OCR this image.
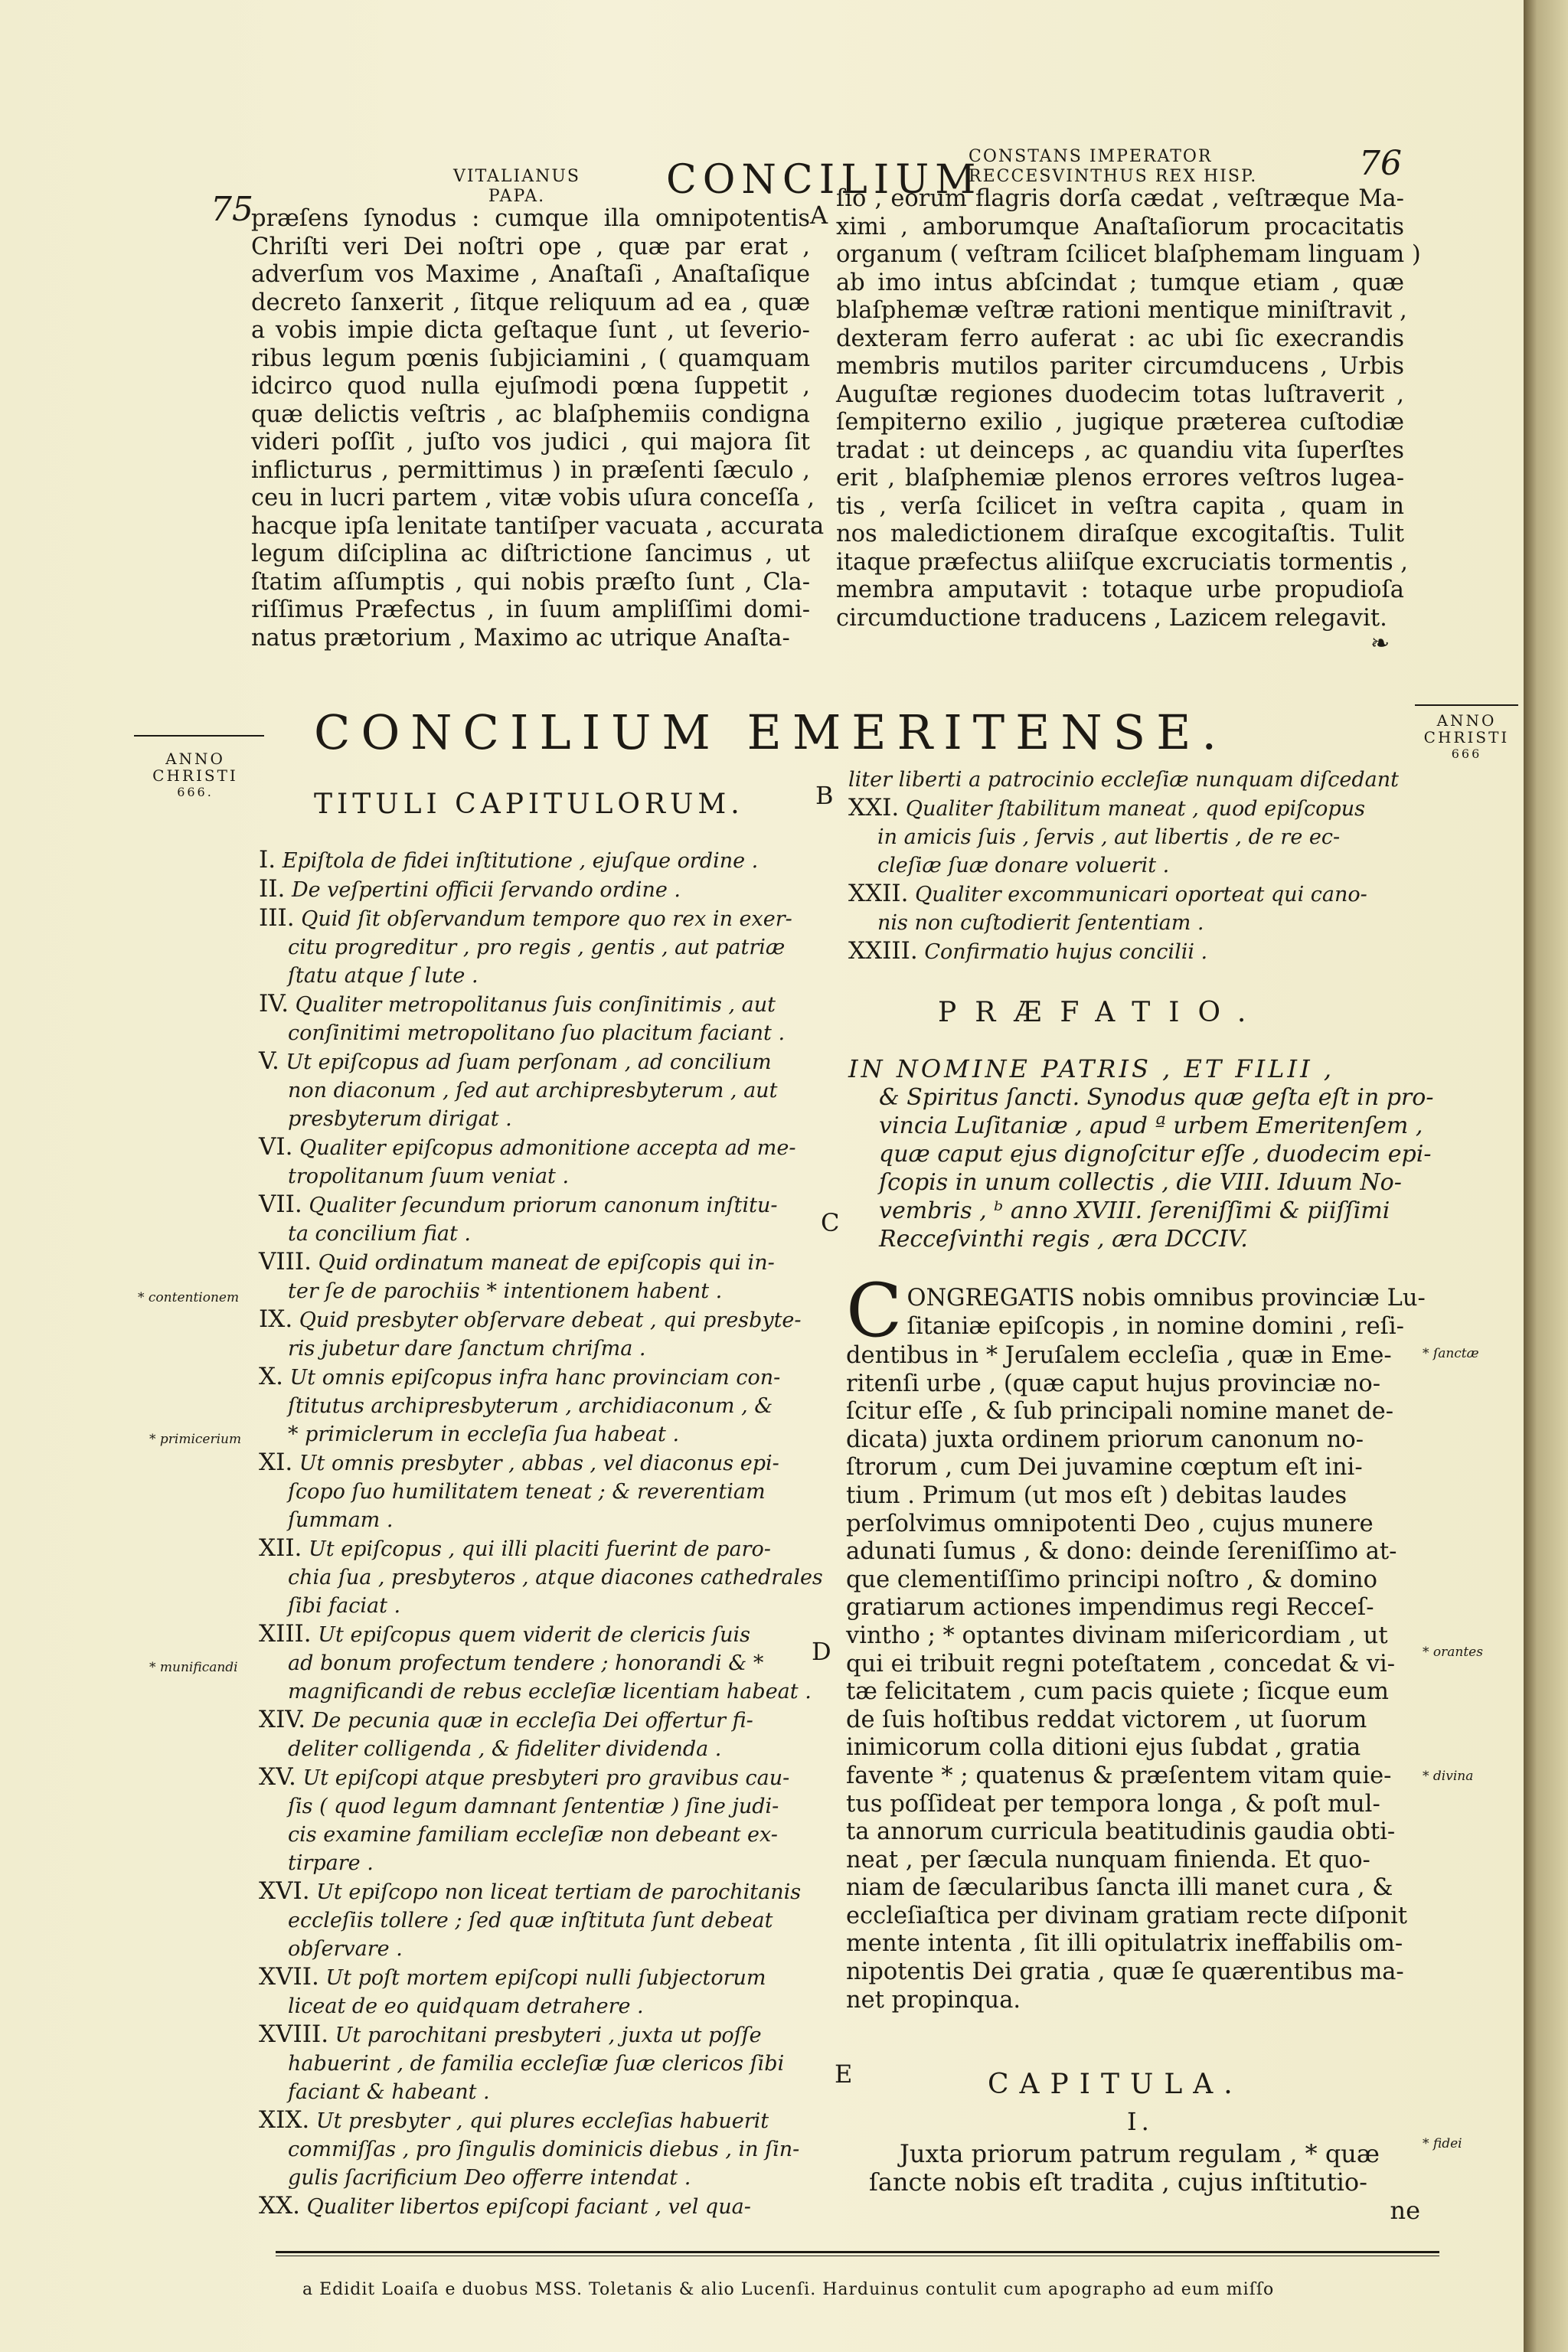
75
VITALIANUS
PAPA.	CONCILIUM
CONSTANS IMPERATOR
RECCESVINTHUS REX HISP.	76
præſens ſynodus : cumque illa omnipotentis
Chriſti veri Dei noſtri ope , quæ par erat ,
adverſum vos Maxime , Anaſtaſi , Anaſtaſique
decreto ſanxerit , ſitque reliquum ad ea , quæ
a vobis impie dicta geſtaque ſunt , ut ſeverio-
ribus legum pœnis ſubjiciamini , ( quamquam
idcirco quod nulla ejuſmodi pœna ſuppetit ,
quæ delictis veſtris , ac blaſphemiis condigna
videri poſſit , juſto vos judici , qui majora ſit
inflicturus , permittimus ) in præſenti ſæculo ,
ceu in lucri partem , vitæ vobis uſura conceſſa ,
hacque ipſa lenitate tantiſper vacuata , accurata
legum diſciplina ac diſtrictione ſancimus , ut
ſtatim aſſumptis , qui nobis præſto ſunt , Cla-
riſſimus Præfectus , in ſuum ampliſſimi domi-
natus prætorium , Maximo ac utrique Anaſta-
A
ſio , eorum flagris dorſa cædat , veſtræque Ma-
ximi , amborumque Anaſtaſiorum procacitatis
organum ( veſtram ſcilicet blaſphemam linguam )
ab imo intus abſcindat ; tumque etiam , quæ
blaſphemæ veſtræ rationi mentique miniſtravit ,
dexteram ferro auferat : ac ubi ſic execrandis
membris mutilos pariter circumducens , Urbis
Auguſtæ regiones duodecim totas luſtraverit ,
ſempiterno exilio , jugique præterea cuſtodiæ
tradat : ut deinceps , ac quandiu vita ſuperſtes
erit , blaſphemiæ plenos errores veſtros lugea-
tis , verſa ſcilicet in veſtra capita , quam in
nos maledictionem diraſque excogitaſtis. Tulit
itaque præfectus aliiſque excruciatis tormentis ,
membra amputavit : totaque urbe propudioſa
circumductione traducens , Lazicem relegavit.
❧
ANNO
CHRISTI
666.
CONCILIUM EMERITENSE.	ANNO
CHRISTI
666
TITULI CAPITULORUM.	B
I. Epiſtola de fidei inſtitutione , ejuſque ordine .
II. De veſpertini officii ſervando ordine .
III. Quid ſit obſervandum tempore quo rex in exer-
citu progreditur , pro regis , gentis , aut patriæ
ſtatu atque ſ lute .
IV. Qualiter metropolitanus ſuis conſinitimis , aut
conſinitimi metropolitano ſuo placitum faciant .
V. Ut epiſcopus ad ſuam perſonam , ad concilium
non diaconum , ſed aut archipresbyterum , aut
presbyterum dirigat .
VI. Qualiter epiſcopus admonitione accepta ad me-
tropolitanum ſuum veniat .
VII. Qualiter ſecundum priorum canonum inſtitu-
ta concilium fiat .
VIII. Quid ordinatum maneat de epiſcopis qui in-
ter ſe de parochiis * intentionem habent .
IX. Quid presbyter obſervare debeat , qui presbyte-
ris jubetur dare ſanctum chriſma .
X. Ut omnis epiſcopus infra hanc provinciam con-
ſtitutus archipresbyterum , archidiaconum , &
* primiclerum in eccleſia ſua habeat .
XI. Ut omnis presbyter , abbas , vel diaconus epi-
ſcopo ſuo humilitatem teneat ; & reverentiam
ſummam .
XII. Ut epiſcopus , qui illi placiti fuerint de paro-
chia ſua , presbyteros , atque diacones cathedrales
ſibi faciat .
XIII. Ut epiſcopus quem viderit de clericis ſuis
ad bonum profectum tendere ; honorandi & *
magnificandi de rebus eccleſiæ licentiam habeat .
XIV. De pecunia quæ in eccleſia Dei offertur fi-
deliter colligenda , & fideliter dividenda .
XV. Ut epiſcopi atque presbyteri pro gravibus cau-
ſis ( quod legum damnant ſententiæ ) ſine judi-
cis examine familiam eccleſiæ non debeant ex-
tirpare .
XVI. Ut epiſcopo non liceat tertiam de parochitanis
eccleſiis tollere ; ſed quæ inſtituta ſunt debeat
obſervare .
XVII. Ut poſt mortem epiſcopi nulli ſubjectorum
liceat de eo quidquam detrahere .
XVIII. Ut parochitani presbyteri , juxta ut poſſe
habuerint , de familia eccleſiæ ſuæ clericos ſibi
faciant & habeant .
XIX. Ut presbyter , qui plures eccleſias habuerit
commiſſas , pro ſingulis dominicis diebus , in ſin-
gulis ſacrificium Deo offerre intendat .
XX. Qualiter libertos epiſcopi faciant , vel qua-
* contentionem
* primicerium
* munificandi
liter liberti a patrocinio eccleſiæ nunquam diſcedant
XXI. Qualiter ſtabilitum maneat , quod epiſcopus
in amicis ſuis , ſervis , aut libertis , de re ec-
cleſiæ ſuæ donare voluerit .
XXII. Qualiter excommunicari oporteat qui cano-
nis non cuſtodierit ſententiam .
XXIII. Confirmatio hujus concilii .
PRÆFATIO.
IN NOMINE PATRIS , ET FILII ,
& Spiritus ſancti. Synodus quæ geſta eſt in pro-
vincia Luſitaniæ , apud ª urbem Emeritenſem ,
quæ caput ejus dignoſcitur eſſe , duodecim epi-
ſcopis in unum collectis , die VIII. Iduum No-
vembris , ᵇ anno XVIII. ſereniſſimi & piiſſimi
Recceſvinthi regis , æra DCCIV.
C
C ONGREGATIS nobis omnibus provinciæ Lu-
ſitaniæ epiſcopis , in nomine domini , reſi-
dentibus in * Jeruſalem eccleſia , quæ in Eme-
ritenſi urbe , (quæ caput hujus provinciæ no-
ſcitur eſſe , & ſub principali nomine manet de-
dicata) juxta ordinem priorum canonum no-
ſtrorum , cum Dei juvamine cœptum eſt ini-
tium . Primum (ut mos eſt ) debitas laudes
perſolvimus omnipotenti Deo , cujus munere
adunati ſumus , & dono: deinde ſereniſſimo at-
que clementiſſimo principi noſtro , & domino
gratiarum actiones impendimus regi Recceſ-
vintho ; * optantes divinam miſericordiam , ut
qui ei tribuit regni poteſtatem , concedat & vi-
tæ felicitatem , cum pacis quiete ; ſicque eum
de ſuis hoſtibus reddat victorem , ut ſuorum
inimicorum colla ditioni ejus ſubdat , gratia
favente * ; quatenus & præſentem vitam quie-
tus poſſideat per tempora longa , & poſt mul-
ta annorum curricula beatitudinis gaudia obti-
neat , per ſæcula nunquam finienda. Et quo-
niam de ſæcularibus ſancta illi manet cura , &
eccleſiaſtica per divinam gratiam recte diſponit
mente intenta , ſit illi opitulatrix ineffabilis om-
nipotentis Dei gratia , quæ ſe quærentibus ma-
net propinqua.
D
E
* ſanctæ
* orantes
* divina
* fidei
CAPITULA.
I.
Juxta priorum patrum regulam , * quæ
ſancte nobis eſt tradita , cujus inſtitutio-
ne
a Edidit Loaiſa e duobus MSS. Toletanis & alio Lucenſi. Harduinus contulit cum apographo ad eum miſſo
